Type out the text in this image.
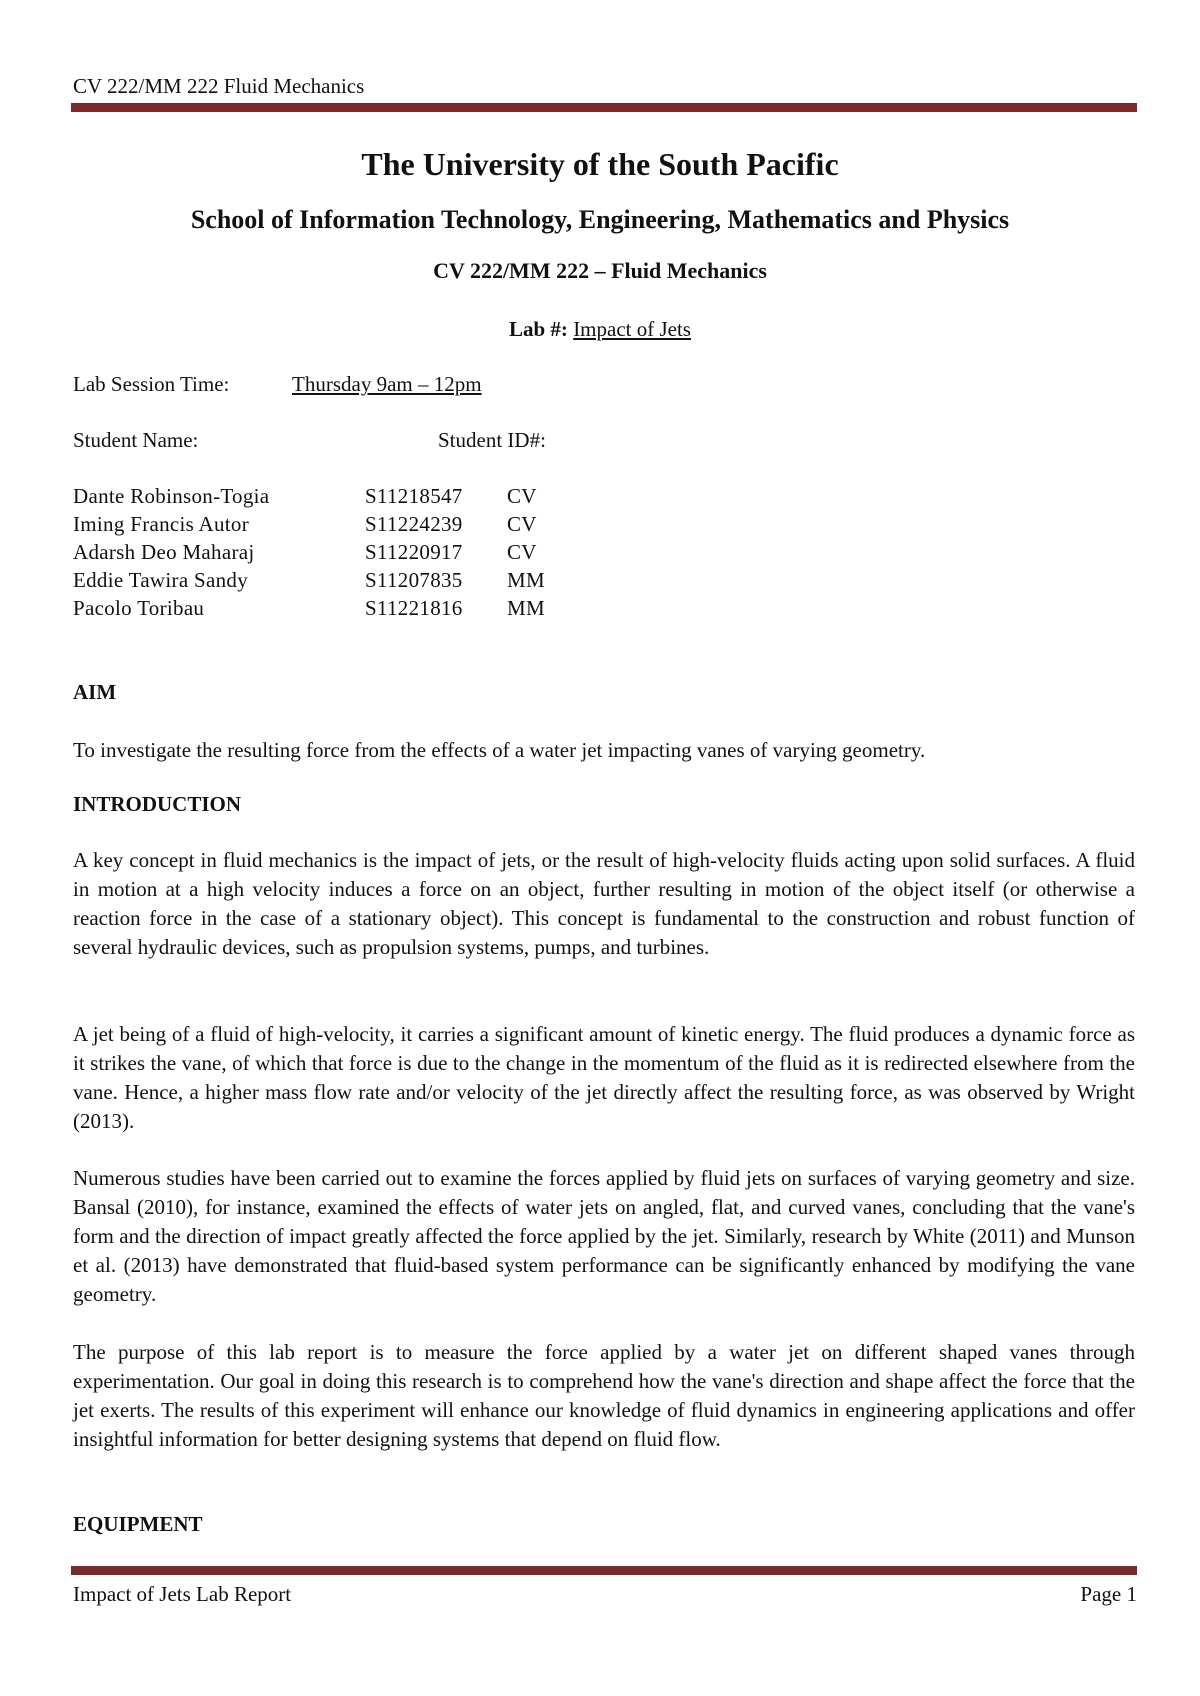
CV 222/MM 222 Fluid Mechanics
The University of the South Pacific
School of Information Technology, Engineering, Mathematics and Physics
CV 222/MM 222 – Fluid Mechanics
Lab #: Impact of Jets
Lab Session Time:	Thursday 9am – 12pm
Student Name:	Student ID#:
Dante Robinson-Togia	S11218547	CV
Iming Francis Autor	S11224239	CV
Adarsh Deo Maharaj	S11220917	CV
Eddie Tawira Sandy	S11207835	MM
Pacolo Toribau	S11221816	MM
AIM
To investigate the resulting force from the effects of a water jet impacting vanes of varying geometry.
INTRODUCTION
A key concept in fluid mechanics is the impact of jets, or the result of high-velocity fluids acting upon solid surfaces. A fluid in motion at a high velocity induces a force on an object, further resulting in motion of the object itself (or otherwise a reaction force in the case of a stationary object). This concept is fundamental to the construction and robust function of several hydraulic devices, such as propulsion systems, pumps, and turbines.
A jet being of a fluid of high-velocity, it carries a significant amount of kinetic energy. The fluid produces a dynamic force as it strikes the vane, of which that force is due to the change in the momentum of the fluid as it is redirected elsewhere from the vane. Hence, a higher mass flow rate and/or velocity of the jet directly affect the resulting force, as was observed by Wright (2013).
Numerous studies have been carried out to examine the forces applied by fluid jets on surfaces of varying geometry and size. Bansal (2010), for instance, examined the effects of water jets on angled, flat, and curved vanes, concluding that the vane's form and the direction of impact greatly affected the force applied by the jet. Similarly, research by White (2011) and Munson et al. (2013) have demonstrated that fluid-based system performance can be significantly enhanced by modifying the vane geometry.
The purpose of this lab report is to measure the force applied by a water jet on different shaped vanes through experimentation. Our goal in doing this research is to comprehend how the vane's direction and shape affect the force that the jet exerts. The results of this experiment will enhance our knowledge of fluid dynamics in engineering applications and offer insightful information for better designing systems that depend on fluid flow.
EQUIPMENT
Impact of Jets Lab Report	Page 1
